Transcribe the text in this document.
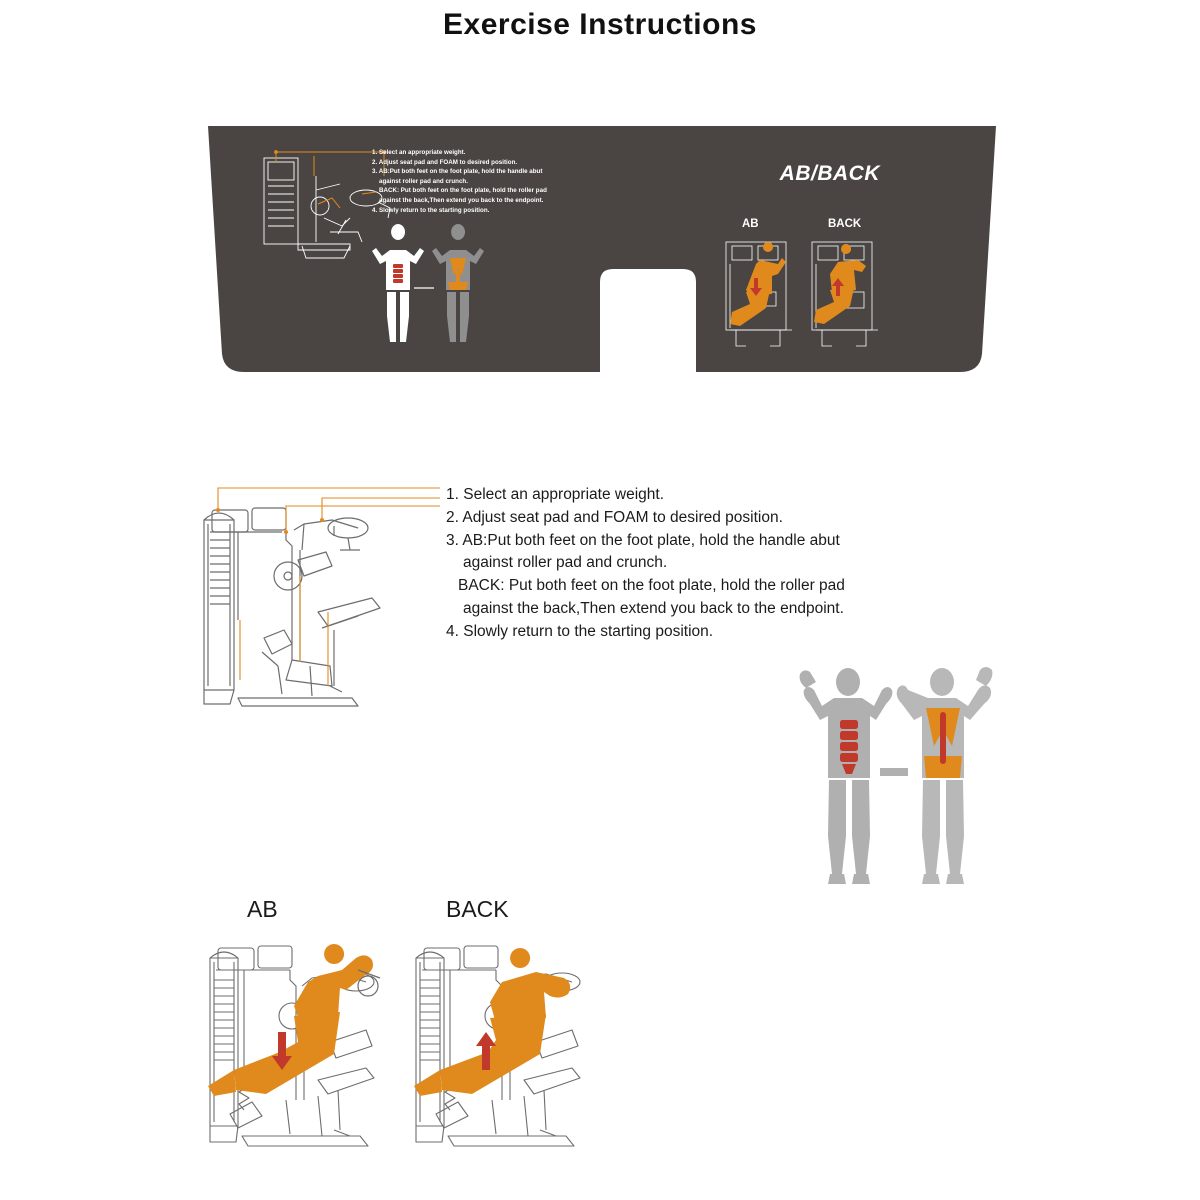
Exercise Instructions
1. Select an appropriate weight.
2. Adjust seat pad and FOAM to desired position.
3. AB:Put both feet on the foot plate, hold the handle abut
against roller pad and crunch.
BACK: Put both feet on the foot plate, hold the roller pad
against the back,Then extend you back to the endpoint.
4. Slowly return to the starting position.
AB/BACK
AB	BACK
1. Select an appropriate weight.
2. Adjust seat pad and FOAM to desired position.
3. AB:Put both feet on the foot plate, hold the handle abut
against roller pad and crunch.
BACK: Put both feet on the foot plate, hold the roller pad
against the back,Then extend you back to the endpoint.
4. Slowly return to the starting position.
AB	BACK
